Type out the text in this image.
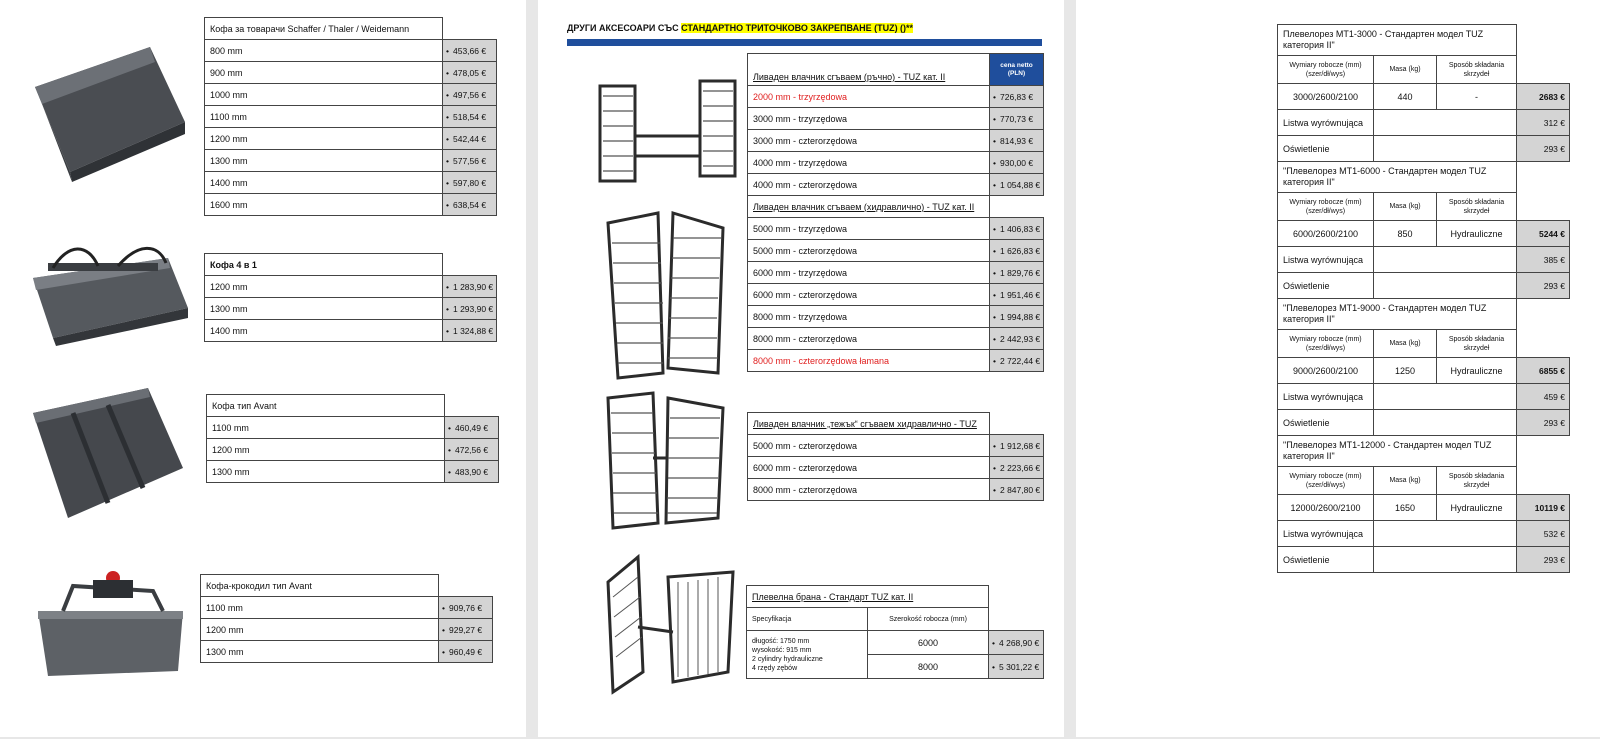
Кофа за товарачи Schaffer / Thaler / Weidemann	
800 mm	• 453,66 €
900 mm	• 478,05 €
1000 mm	• 497,56 €
1100 mm	• 518,54 €
1200 mm	• 542,44 €
1300 mm	• 577,56 €
1400 mm	• 597,80 €
1600 mm	• 638,54 €
Кофа 4 в 1	
1200 mm	• 1 283,90 €
1300 mm	• 1 293,90 €
1400 mm	• 1 324,88 €
Кофа тип Avant	
1100 mm	• 460,49 €
1200 mm	• 472,56 €
1300 mm	• 483,90 €
Кофа-крокодил тип Avant	
1100 mm	• 909,76 €
1200 mm	• 929,27 €
1300 mm	• 960,49 €
ДРУГИ АКСЕСОАРИ СЪС СТАНДАРТНО ТРИТОЧКОВО ЗАКРЕПВАНЕ (TUZ) ()**
Ливаден влачник сгъваем (ръчно) - TUZ кат. II	cena netto (PLN)
2000 mm - trzyrzędowa	• 726,83 €
3000 mm - trzyrzędowa	• 770,73 €
3000 mm - czterorzędowa	• 814,93 €
4000 mm - trzyrzędowa	• 930,00 €
4000 mm - czterorzędowa	• 1 054,88 €
Ливаден влачник сгъваем (хидравлично) - TUZ кат. II	
5000 mm - trzyrzędowa	• 1 406,83 €
5000 mm - czterorzędowa	• 1 626,83 €
6000 mm - trzyrzędowa	• 1 829,76 €
6000 mm - czterorzędowa	• 1 951,46 €
8000 mm - trzyrzędowa	• 1 994,88 €
8000 mm - czterorzędowa	• 2 442,93 €
8000 mm - czterorzędowa łamana	• 2 722,44 €
Ливаден влачник „тежък“ сгъваем хидравлично - TUZ	
5000 mm - czterorzędowa	• 1 912,68 €
6000 mm - czterorzędowa	• 2 223,66 €
8000 mm - czterorzędowa	• 2 847,80 €
Плевелна брана - Стандарт TUZ кат. II		
Specyfikacja	Szerokość robocza (mm)	

długość: 1750 mm
wysokość: 915 mm
2 cylindry hydrauliczne
4 rzędy zębów	6000	• 4 268,90 €
	8000	• 5 301,22 €
Плевелорез MT1-3000 - Стандартен модел TUZ категория II"			
Wymiary robocze (mm) (szer/dł/wys)	Masa (kg)	Sposób składania skrzydeł	
3000/2600/2100	440	-	2683 €
Listwa wyrównująca			312 €
Oświetlenie			293 €
"Плевелорез MT1-6000 - Стандартен модел TUZ категория II"			
Wymiary robocze (mm) (szer/dł/wys)	Masa (kg)	Sposób składania skrzydeł	
6000/2600/2100	850	Hydrauliczne	5244 €
Listwa wyrównująca			385 €
Oświetlenie			293 €
"Плевелорез MT1-9000 - Стандартен модел TUZ категория II"			
Wymiary robocze (mm) (szer/dł/wys)	Masa (kg)	Sposób składania skrzydeł	
9000/2600/2100	1250	Hydrauliczne	6855 €
Listwa wyrównująca			459 €
Oświetlenie			293 €
"Плевелорез MT1-12000 - Стандартен модел TUZ категория II"			
Wymiary robocze (mm) (szer/dł/wys)	Masa (kg)	Sposób składania skrzydeł	
12000/2600/2100	1650	Hydrauliczne	10119 €
Listwa wyrównująca			532 €
Oświetlenie			293 €
